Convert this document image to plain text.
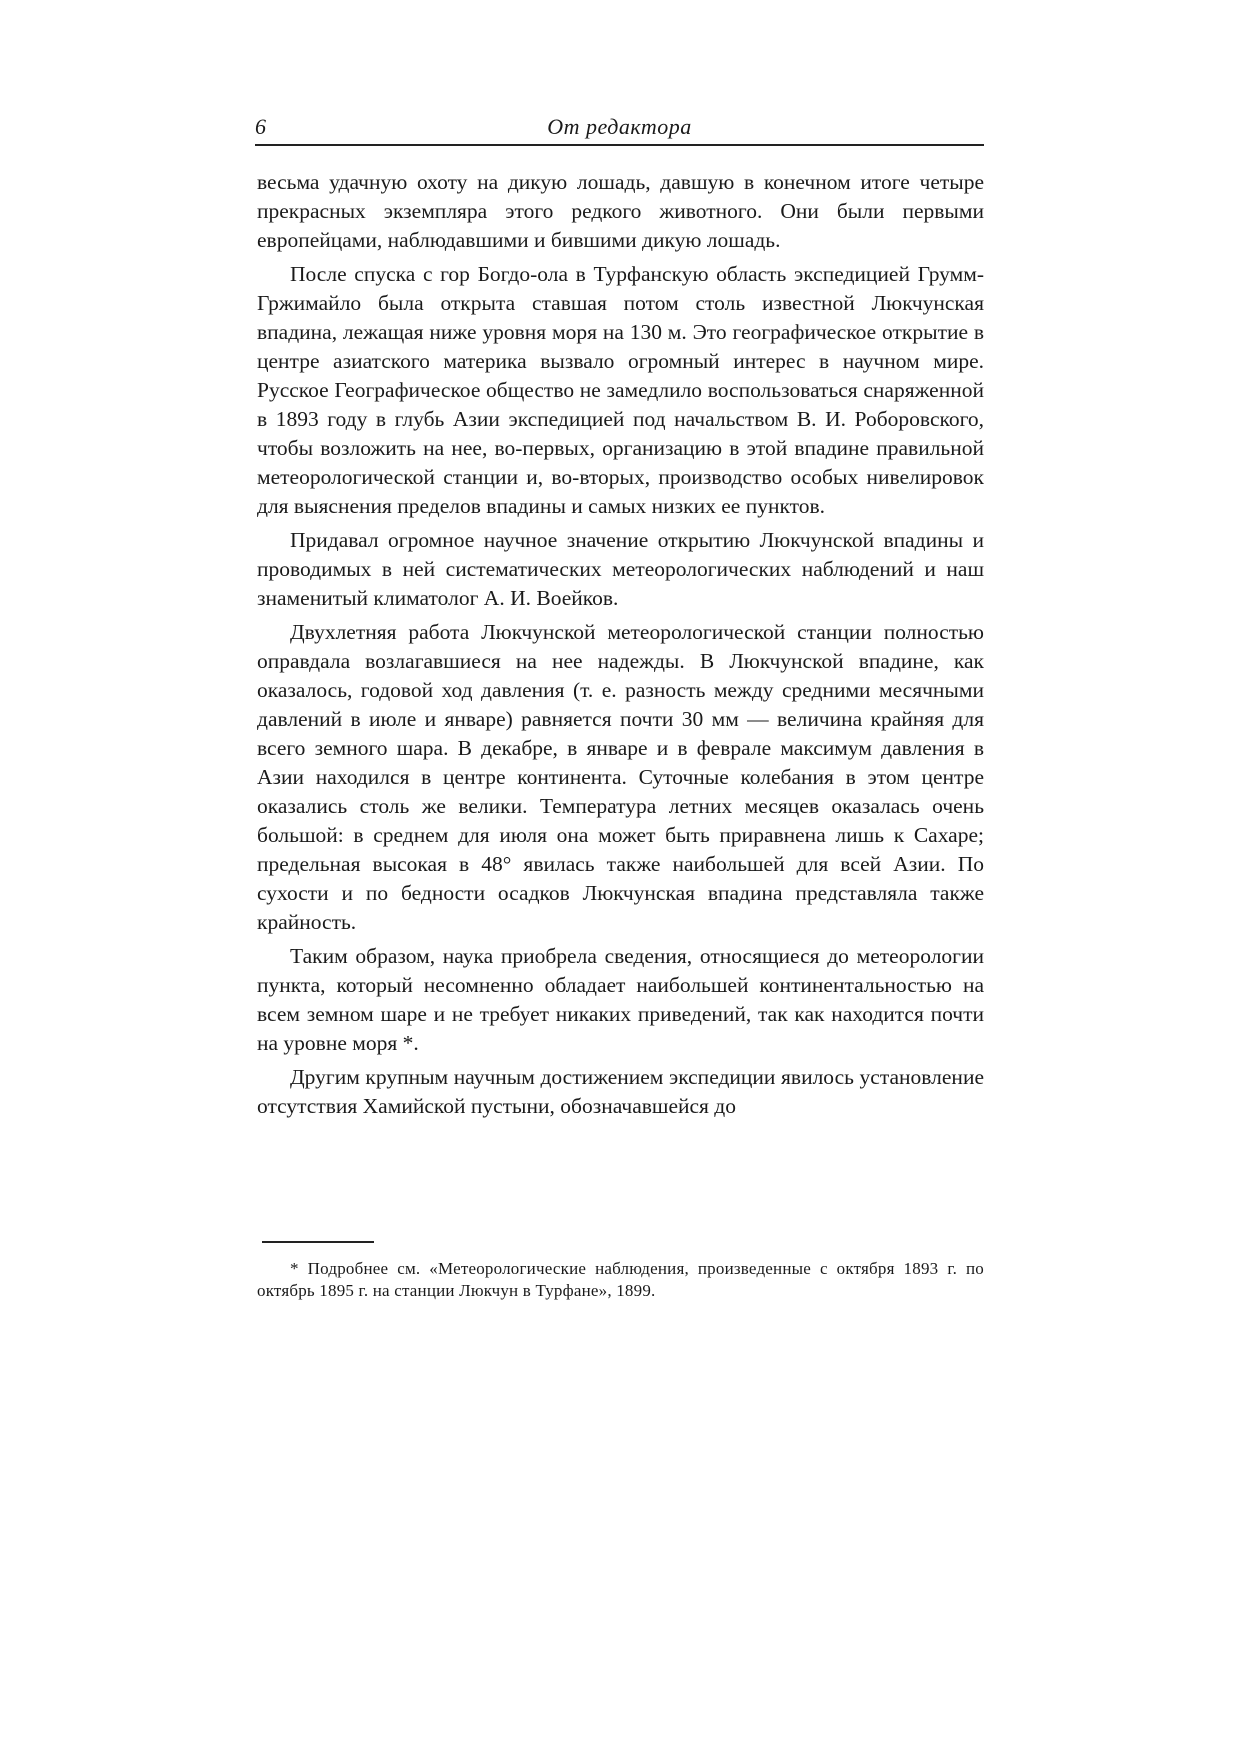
6	От редактора

весьма удачную охоту на дикую лошадь, давшую в конечном итоге четыре прекрасных экземпляра этого редкого животного. Они были первыми европейцами, наблюдавшими и бившими дикую лошадь.

После спуска с гор Богдо-ола в Турфанскую область экспедицией Грумм-Гржимайло была открыта ставшая потом столь известной Люкчунская впадина, лежащая ниже уровня моря на 130 м. Это географическое открытие в центре азиатского материка вызвало огромный интерес в научном мире. Русское Географическое общество не замедлило воспользоваться снаряженной в 1893 году в глубь Азии экспедицией под начальством В. И. Роборовского, чтобы возложить на нее, во-первых, организацию в этой впадине правильной метеорологической станции и, во-вторых, производство особых нивелировок для выяснения пределов впадины и самых низких ее пунктов.

Придавал огромное научное значение открытию Люкчунской впадины и проводимых в ней систематических метеорологических наблюдений и наш знаменитый климатолог А. И. Воейков.

Двухлетняя работа Люкчунской метеорологической станции полностью оправдала возлагавшиеся на нее надежды. В Люкчунской впадине, как оказалось, годовой ход давления (т. е. разность между средними месячными давлений в июле и январе) равняется почти 30 мм — величина крайняя для всего земного шара. В декабре, в январе и в феврале максимум давления в Азии находился в центре континента. Суточные колебания в этом центре оказались столь же велики. Температура летних месяцев оказалась очень большой: в среднем для июля она может быть приравнена лишь к Сахаре; предельная высокая в 48° явилась также наибольшей для всей Азии. По сухости и по бедности осадков Люкчунская впадина представляла также крайность.

Таким образом, наука приобрела сведения, относящиеся до метеорологии пункта, который несомненно обладает наибольшей континентальностью на всем земном шаре и не требует никаких приведений, так как находится почти на уровне моря *.

Другим крупным научным достижением экспедиции явилось установление отсутствия Хамийской пустыни, обозначавшейся до

* Подробнее см. «Метеорологические наблюдения, произведенные с октября 1893 г. по октябрь 1895 г. на станции Люкчун в Турфане», 1899.
